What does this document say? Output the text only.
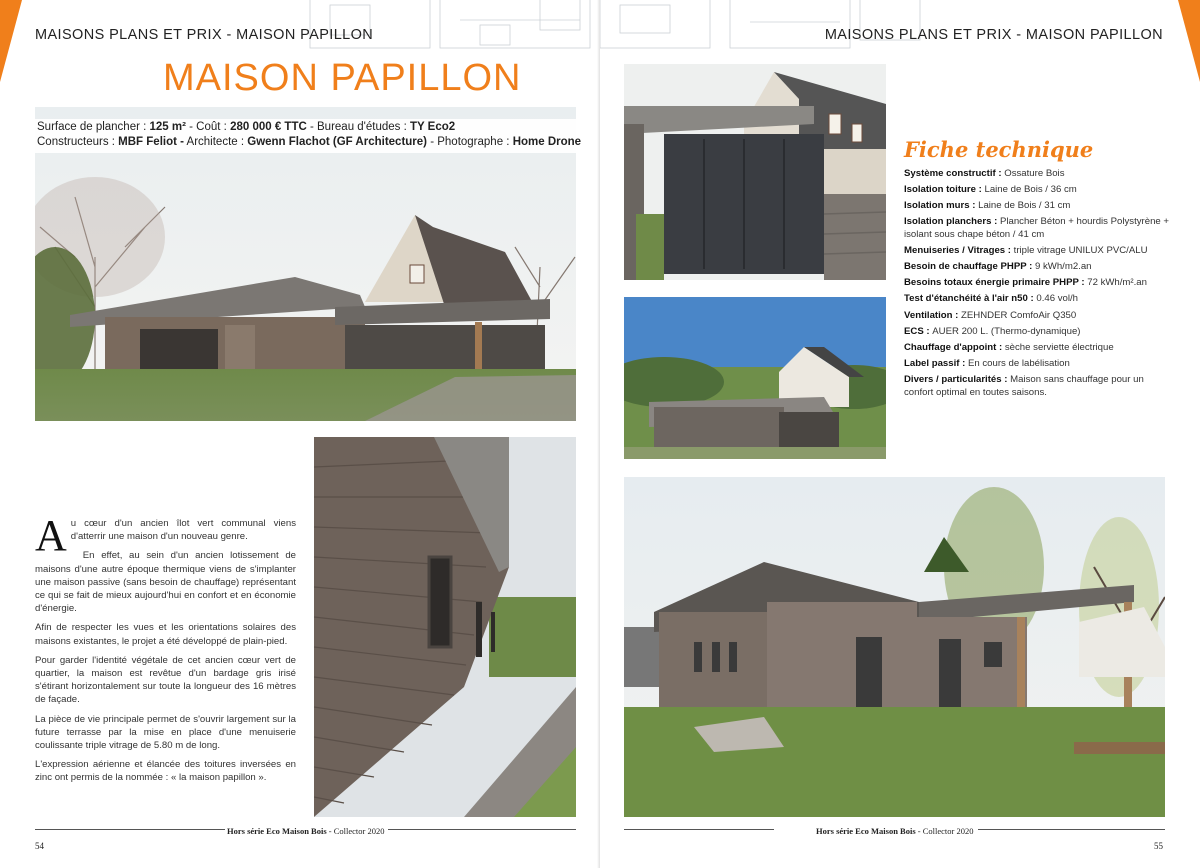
MAISONS PLANS ET PRIX - MAISON PAPILLON
MAISON PAPILLON
Surface de plancher : 125 m² - Coût : 280 000 € TTC - Bureau d'études : TY Eco2
Constructeurs : MBF Feliot - Architecte : Gwenn Flachot (GF Architecture) - Photographe : Home Drone

Au cœur d'un ancien îlot vert communal viens d'atterrir une maison d'un nouveau genre.

En effet, au sein d'un ancien lotissement de maisons d'une autre époque thermique viens de s'implanter une maison passive (sans besoin de chauffage) représentant ce qui se fait de mieux aujourd'hui en confort et en économie d'énergie.

Afin de respecter les vues et les orientations solaires des maisons existantes, le projet a été développé de plain-pied.

Pour garder l'identité végétale de cet ancien cœur vert de quartier, la maison est revêtue d'un bardage gris irisé s'étirant horizontalement sur toute la longueur des 16 mètres de façade.

La pièce de vie principale permet de s'ouvrir largement sur la future terrasse par la mise en place d'une menuiserie coulissante triple vitrage de 5.80 m de long.

L'expression aérienne et élancée des toitures inversées en zinc ont permis de la nommée : « la maison papillon ».

Hors série Eco Maison Bois - Collector 2020
54
MAISONS PLANS ET PRIX - MAISON PAPILLON
Fiche technique
Système constructif : Ossature Bois
Isolation toiture : Laine de Bois / 36 cm
Isolation murs : Laine de Bois / 31 cm
Isolation planchers : Plancher Béton + hourdis Polystyrène + isolant sous chape béton / 41 cm
Menuiseries / Vitrages : triple vitrage UNILUX PVC/ALU
Besoin de chauffage PHPP : 9 kWh/m2.an
Besoins totaux énergie primaire PHPP : 72 kWh/m².an
Test d'étanchéité à l'air n50 : 0.46 vol/h
Ventilation : ZEHNDER ComfoAir Q350
ECS : AUER 200 L. (Thermo-dynamique)
Chauffage d'appoint : sèche serviette électrique
Label passif : En cours de labélisation
Divers / particularités : Maison sans chauffage pour un confort optimal en toutes saisons.
Hors série Eco Maison Bois - Collector 2020
55
